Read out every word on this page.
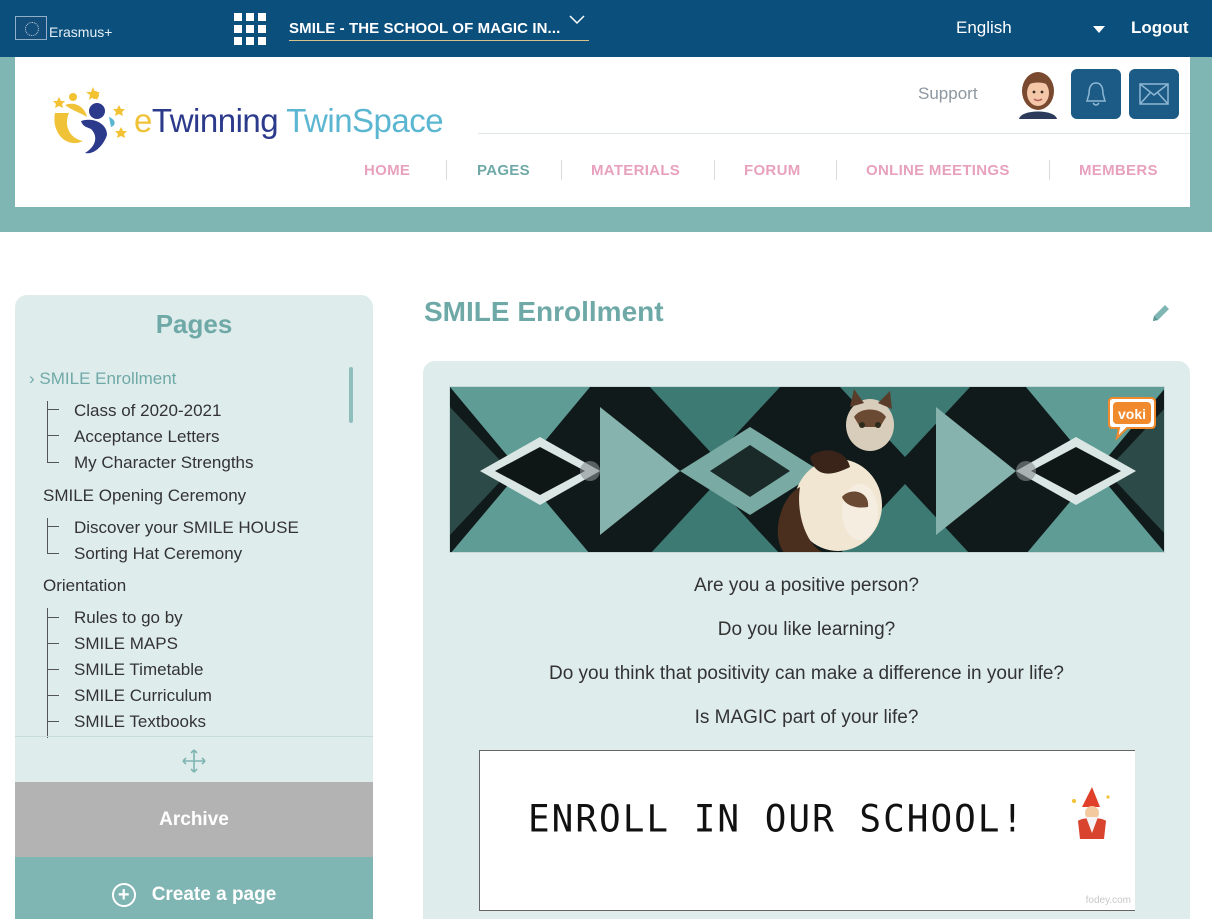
Erasmus+	SMILE - THE SCHOOL OF MAGIC IN...	English	Logout
eTwinning TwinSpace
Support
HOME	PAGES	MATERIALS	FORUM	ONLINE MEETINGS	MEMBERS
Pages
› SMILE Enrollment
Class of 2020-2021
Acceptance Letters
My Character Strengths
SMILE Opening Ceremony
Discover your SMILE HOUSE
Sorting Hat Ceremony
Orientation
Rules to go by
SMILE MAPS
SMILE Timetable
SMILE Curriculum
SMILE Textbooks
Archive
+	Create a page
SMILE Enrollment
voki
Are you a positive person?
Do you like learning?
Do you think that positivity can make a difference in your life?
Is MAGIC part of your life?
ENROLL IN OUR SCHOOL!
fodey.com
